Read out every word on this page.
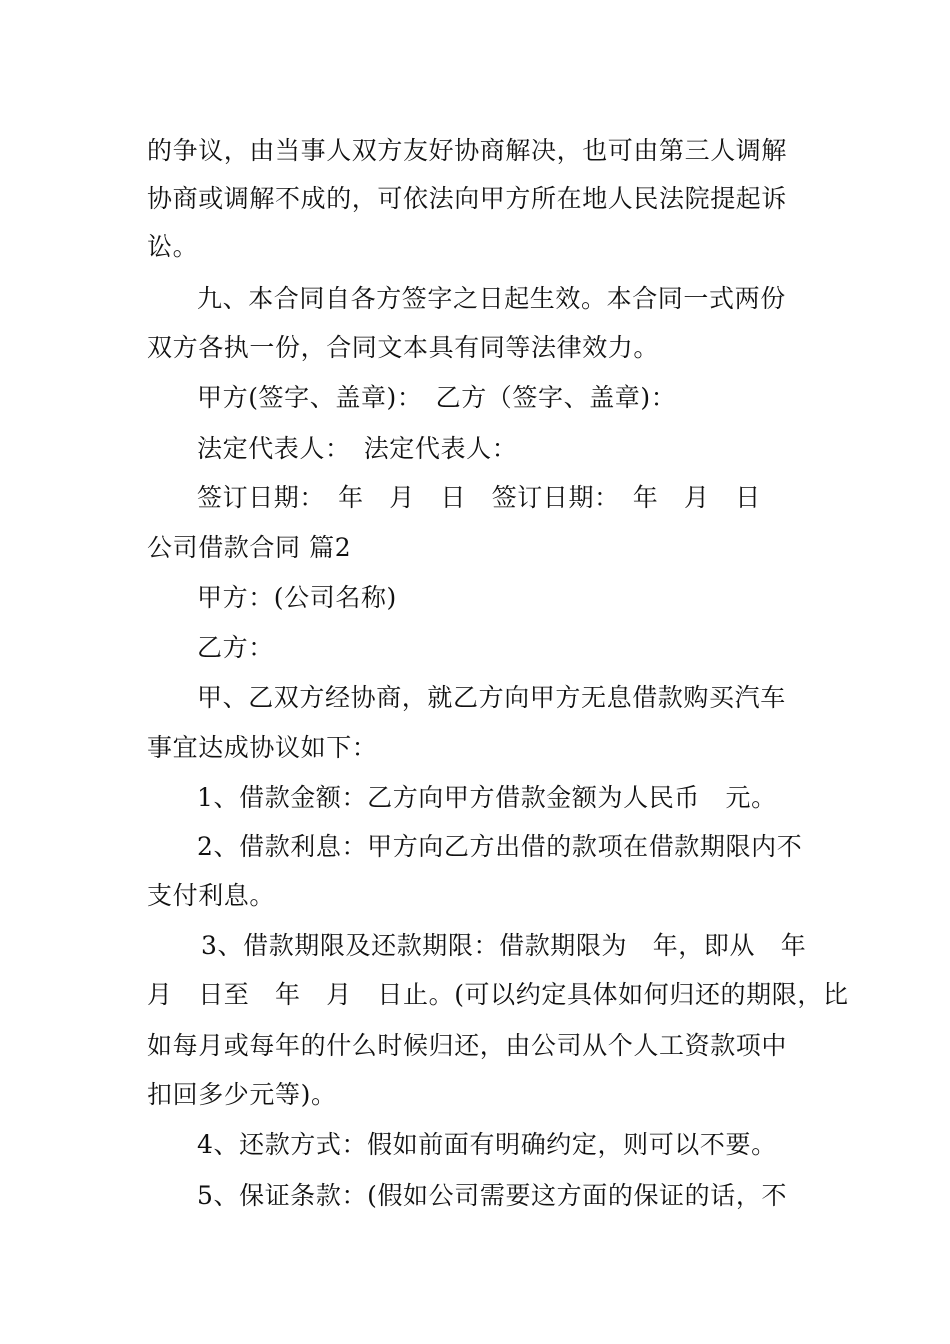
的争议，由当事人双方友好协商解决，也可由第三人调解
协商或调解不成的，可依法向甲方所在地人民法院提起诉
讼。
九、本合同自各方签字之日起生效。本合同一式两份
双方各执一份，合同文本具有同等法律效力。
甲方(签字、盖章)：　乙方（签字、盖章)：
法定代表人：　法定代表人：
签订日期：　年　月　日　签订日期：　年　月　日
公司借款合同 篇2
甲方：(公司名称)
乙方：
甲、乙双方经协商，就乙方向甲方无息借款购买汽车
事宜达成协议如下：
1、借款金额：乙方向甲方借款金额为人民币　元。
2、借款利息：甲方向乙方出借的款项在借款期限内不
支付利息。
3、借款期限及还款期限：借款期限为　年，即从　年
月　日至　年　月　日止。(可以约定具体如何归还的期限，比
如每月或每年的什么时候归还，由公司从个人工资款项中
扣回多少元等)。
4、还款方式：假如前面有明确约定，则可以不要。
5、保证条款：(假如公司需要这方面的保证的话，不
